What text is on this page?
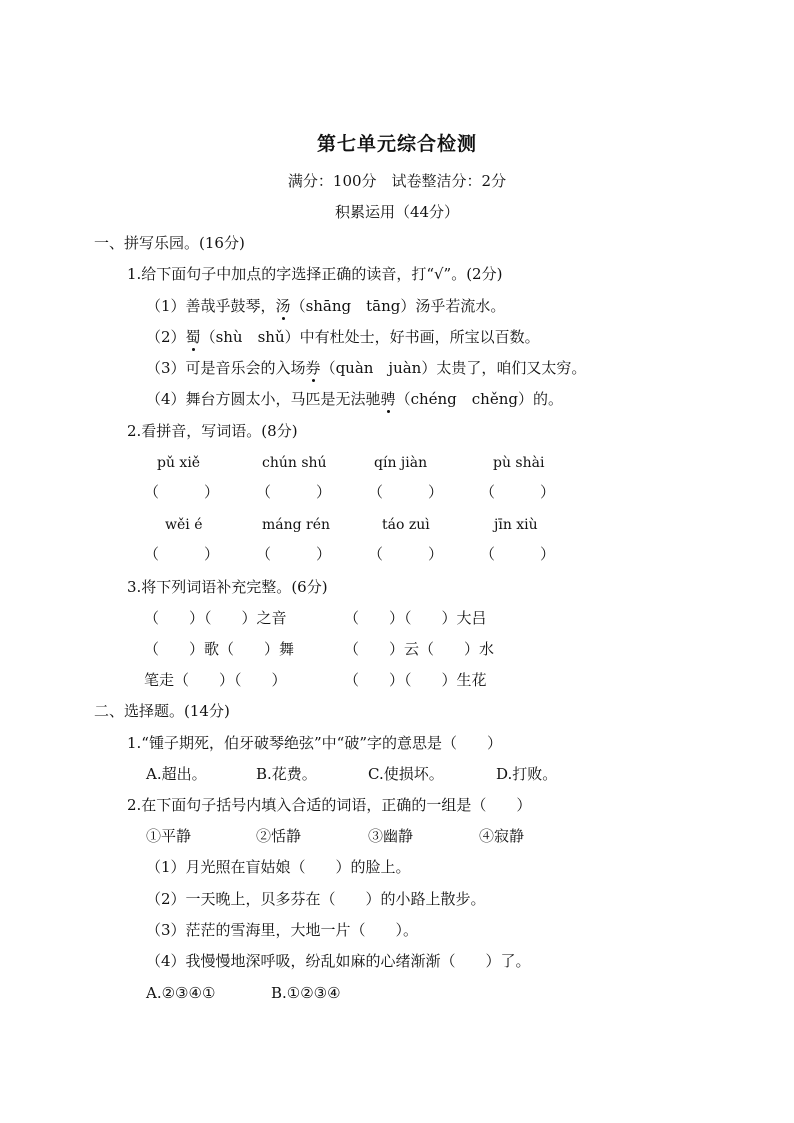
第七单元综合检测
满分：100分　试卷整洁分：2分
积累运用（44分）
一、拼写乐园。(16分)
1.给下面句子中加点的字选择正确的读音，打“√”。(2分)
（1）善哉乎鼓琴，汤（shāng　tāng）汤乎若流水。
（2）蜀（shù　shǔ）中有杜处士，好书画，所宝以百数。
（3）可是音乐会的入场券（quàn　juàn）太贵了，咱们又太穷。
（4）舞台方圆太小，马匹是无法驰骋（chéng　chěng）的。
2.看拼音，写词语。(8分)
pǔ xiě	chún shú	qín jiàn	pù shài
（　　　） （　　　） （　　　） （　　　）
wěi é	máng rén	táo zuì	jīn xiù
（　　　） （　　　） （　　　） （　　　）
3.将下列词语补充完整。(6分)
（　　）（　　）之音	（　　）（　　）大吕
（　　）歌（　　）舞	（　　）云（　　）水
笔走（　　）（　　）	（　　）（　　）生花
二、选择题。(14分)
1.“锺子期死，伯牙破琴绝弦”中“破”字的意思是（　　）
A.超出。	B.花费。	C.使损坏。	D.打败。
2.在下面句子括号内填入合适的词语，正确的一组是（　　）
①平静	②恬静	③幽静	④寂静
（1）月光照在盲姑娘（　　）的脸上。
（2）一天晚上，贝多芬在（　　）的小路上散步。
（3）茫茫的雪海里，大地一片（　　）。
（4）我慢慢地深呼吸，纷乱如麻的心绪渐渐（　　）了。
A.②③④①	B.①②③④
